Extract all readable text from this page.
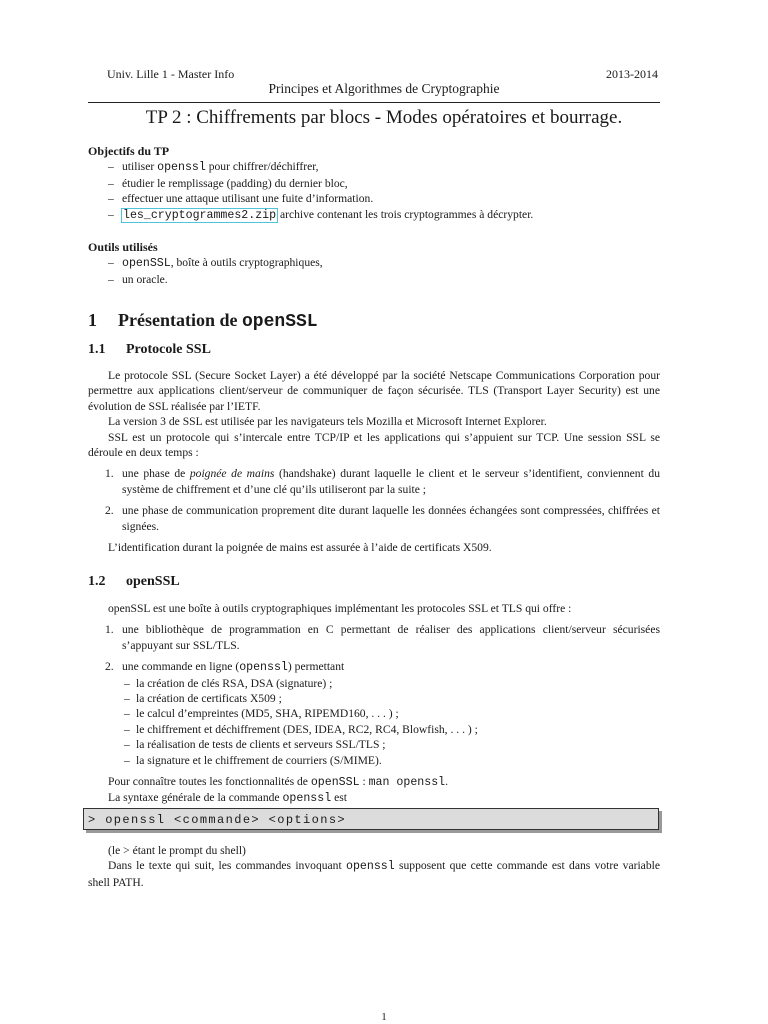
Univ. Lille 1 - Master Info	2013-2014
Principes et Algorithmes de Cryptographie
TP 2 : Chiffrements par blocs - Modes opératoires et bourrage.
Objectifs du TP
– utiliser openssl pour chiffrer/déchiffrer,
– étudier le remplissage (padding) du dernier bloc,
– effectuer une attaque utilisant une fuite d’information.
– les_cryptogrammes2.zip archive contenant les trois cryptogrammes à décrypter.
Outils utilisés
– openSSL, boîte à outils cryptographiques,
– un oracle.
1 Présentation de openSSL
1.1 Protocole SSL
Le protocole SSL (Secure Socket Layer) a été développé par la société Netscape Communications Corporation pour permettre aux applications client/serveur de communiquer de façon sécurisée. TLS (Transport Layer Security) est une évolution de SSL réalisée par l’IETF.
La version 3 de SSL est utilisée par les navigateurs tels Mozilla et Microsoft Internet Explorer.
SSL est un protocole qui s’intercale entre TCP/IP et les applications qui s’appuient sur TCP. Une session SSL se déroule en deux temps :
1. une phase de poignée de mains (handshake) durant laquelle le client et le serveur s’identifient, conviennent du système de chiffrement et d’une clé qu’ils utiliseront par la suite ;
2. une phase de communication proprement dite durant laquelle les données échangées sont compressées, chiffrées et signées.
L’identification durant la poignée de mains est assurée à l’aide de certificats X509.
1.2 openSSL
openSSL est une boîte à outils cryptographiques implémentant les protocoles SSL et TLS qui offre :
1. une bibliothèque de programmation en C permettant de réaliser des applications client/serveur sécurisées s’appuyant sur SSL/TLS.
2. une commande en ligne (openssl) permettant
– la création de clés RSA, DSA (signature) ;
– la création de certificats X509 ;
– le calcul d’empreintes (MD5, SHA, RIPEMD160, . . . ) ;
– le chiffrement et déchiffrement (DES, IDEA, RC2, RC4, Blowfish, . . . ) ;
– la réalisation de tests de clients et serveurs SSL/TLS ;
– la signature et le chiffrement de courriers (S/MIME).
Pour connaître toutes les fonctionnalités de openSSL : man openssl.
La syntaxe générale de la commande openssl est
> openssl <commande> <options>
(le > étant le prompt du shell)
Dans le texte qui suit, les commandes invoquant openssl supposent que cette commande est dans votre variable shell PATH.
1
